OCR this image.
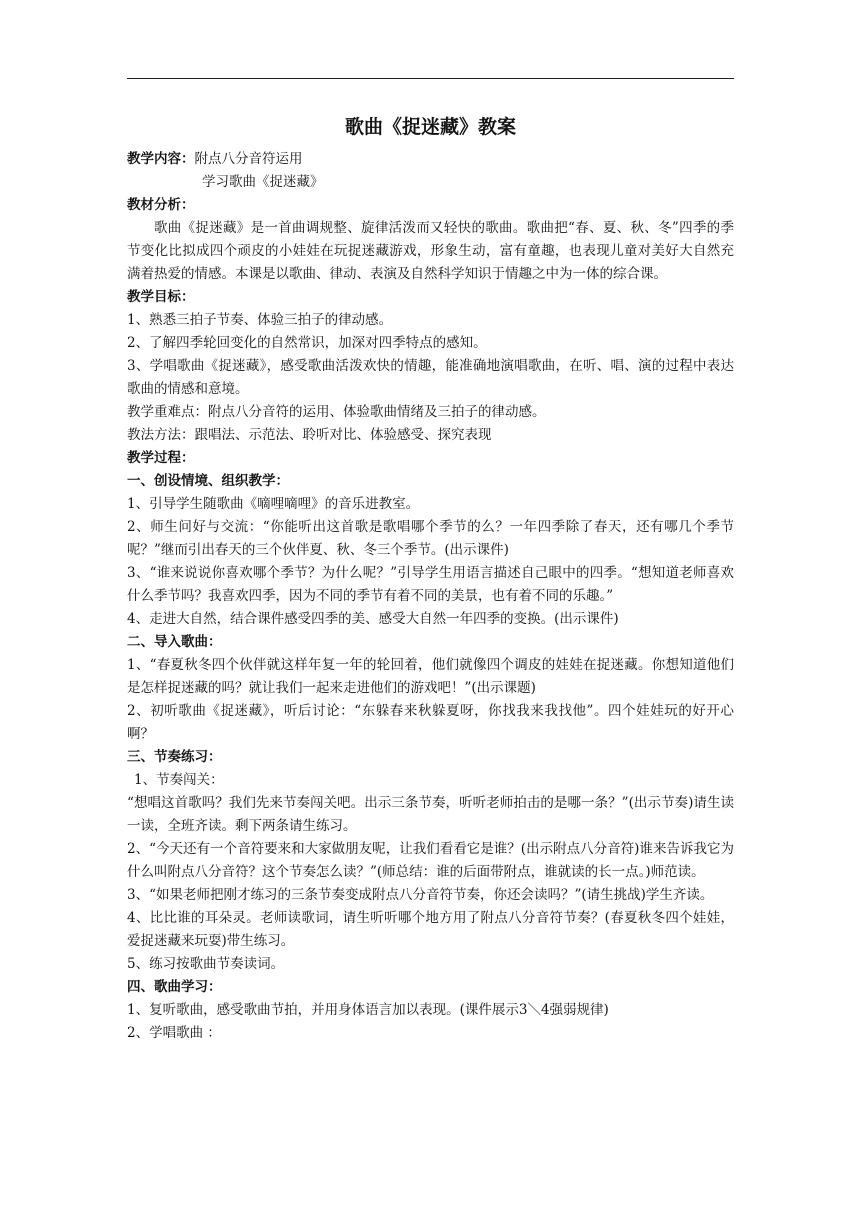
歌曲《捉迷藏》教案
教学内容： 附点八分音符运用

学习歌曲《捉迷藏》

教材分析：

歌曲《捉迷藏》是一首曲调规整、旋律活泼而又轻快的歌曲。歌曲把“春、夏、秋、冬”四季的季节变化比拟成四个顽皮的小娃娃在玩捉迷藏游戏，形象生动，富有童趣，也表现儿童对美好大自然充满着热爱的情感。本课是以歌曲、律动、表演及自然科学知识于情趣之中为一体的综合课。

教学目标：

1、熟悉三拍子节奏、体验三拍子的律动感。

2、了解四季轮回变化的自然常识，加深对四季特点的感知。

3、学唱歌曲《捉迷藏》，感受歌曲活泼欢快的情趣，能准确地演唱歌曲，在听、唱、演的过程中表达歌曲的情感和意境。

教学重难点：附点八分音符的运用、体验歌曲情绪及三拍子的律动感。

教法方法：跟唱法、示范法、聆听对比、体验感受、探究表现

教学过程：

一、创设情境、组织教学：

1、引导学生随歌曲《嘀哩嘀哩》的音乐进教室。

2、师生问好与交流：“你能听出这首歌是歌唱哪个季节的么？一年四季除了春天，还有哪几个季节呢？”继而引出春天的三个伙伴夏、秋、冬三个季节。(出示课件)

3、“谁来说说你喜欢哪个季节？为什么呢？”引导学生用语言描述自己眼中的四季。“想知道老师喜欢什么季节吗？我喜欢四季，因为不同的季节有着不同的美景，也有着不同的乐趣。”

4、走进大自然，结合课件感受四季的美、感受大自然一年四季的变换。(出示课件)

二、导入歌曲：

1、“春夏秋冬四个伙伴就这样年复一年的轮回着，他们就像四个调皮的娃娃在捉迷藏。你想知道他们是怎样捉迷藏的吗？就让我们一起来走进他们的游戏吧！”(出示课题)

2、初听歌曲《捉迷藏》，听后讨论：“东躲春来秋躲夏呀，你找我来我找他”。四个娃娃玩的好开心啊？

三、节奏练习：

1、节奏闯关：

“想唱这首歌吗？我们先来节奏闯关吧。出示三条节奏，听听老师拍击的是哪一条？”(出示节奏)请生读一读，全班齐读。剩下两条请生练习。

2、“今天还有一个音符要来和大家做朋友呢，让我们看看它是谁？(出示附点八分音符)谁来告诉我它为什么叫附点八分音符？这个节奏怎么读？”(师总结：谁的后面带附点，谁就读的长一点。)师范读。

3、“如果老师把刚才练习的三条节奏变成附点八分音符节奏，你还会读吗？”(请生挑战)学生齐读。

4、比比谁的耳朵灵。老师读歌词，请生听听哪个地方用了附点八分音符节奏？(春夏秋冬四个娃娃，爱捉迷藏来玩耍)带生练习。

5、练习按歌曲节奏读词。

四、歌曲学习：

1、复听歌曲，感受歌曲节拍，并用身体语言加以表现。(课件展示3＼4强弱规律)

2、学唱歌曲 ：
